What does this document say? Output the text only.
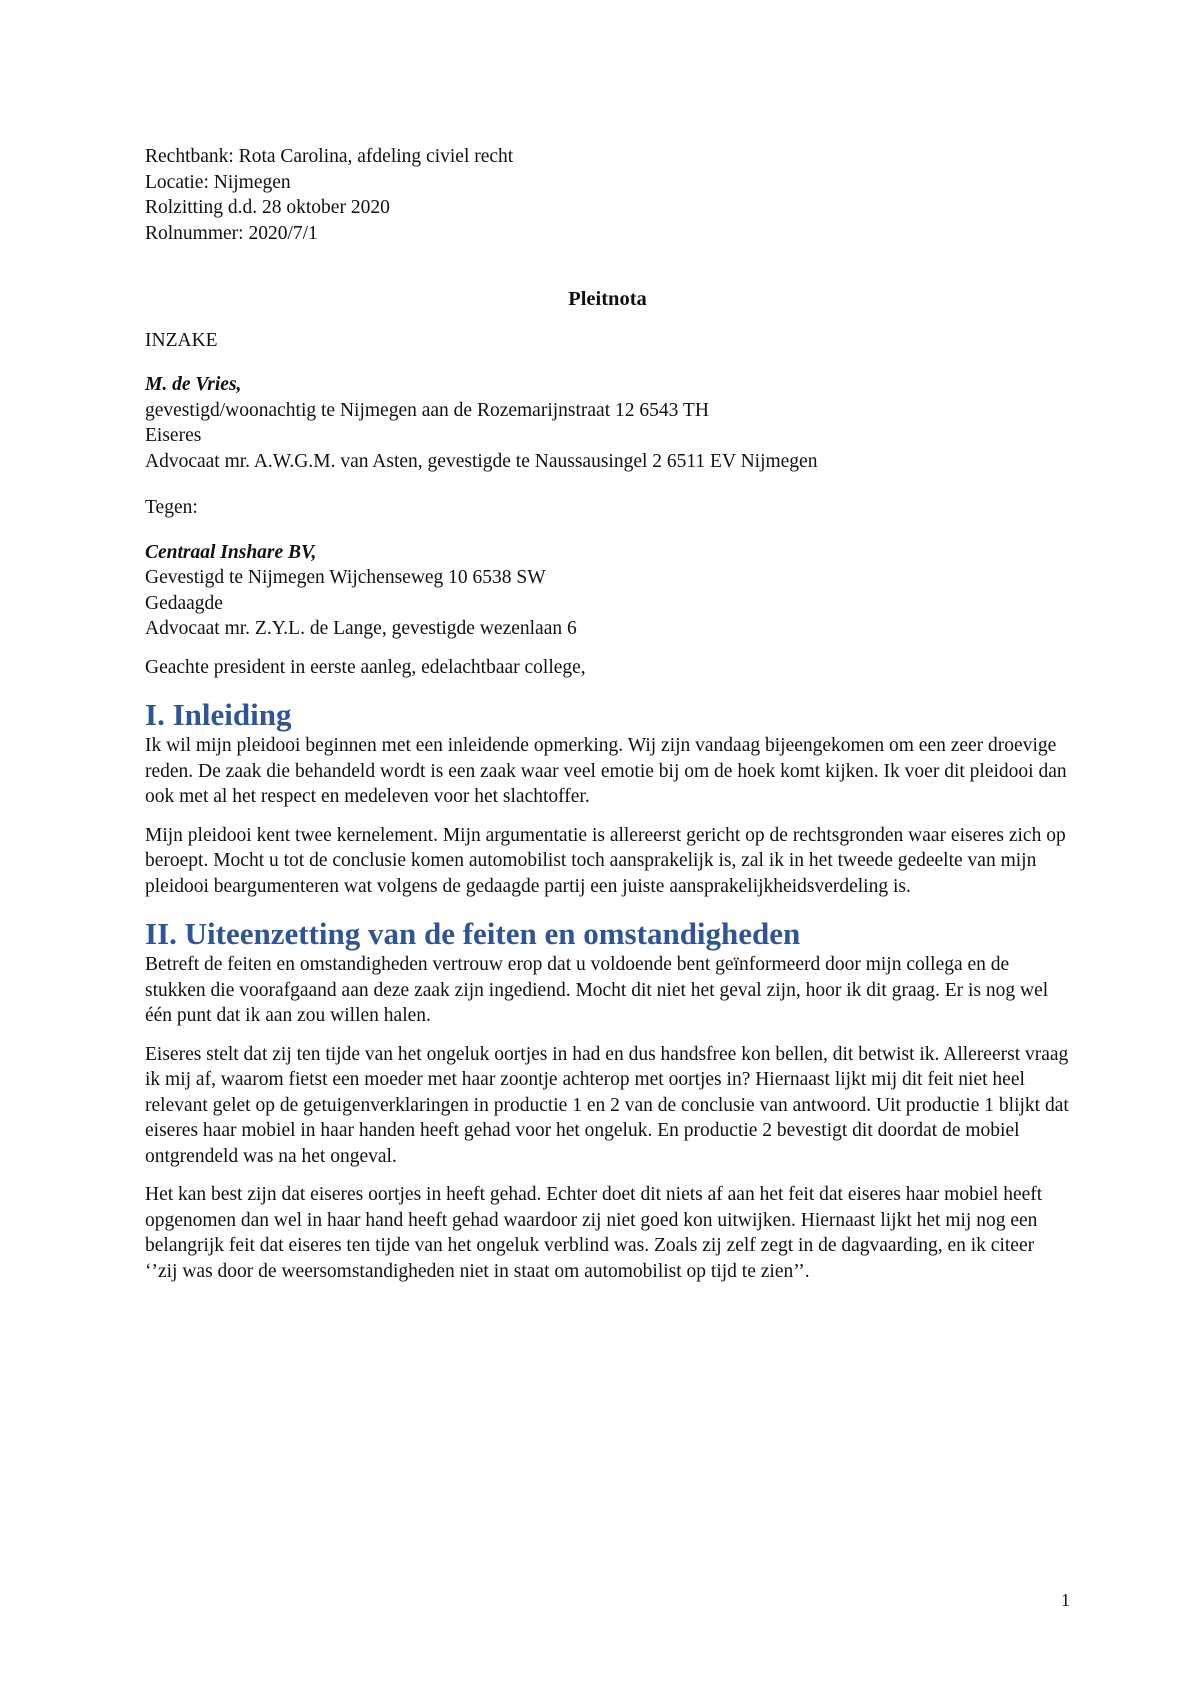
Rechtbank: Rota Carolina, afdeling civiel recht
Locatie: Nijmegen
Rolzitting d.d. 28 oktober 2020
Rolnummer: 2020/7/1
Pleitnota
INZAKE
M. de Vries,
gevestigd/woonachtig te Nijmegen aan de Rozemarijnstraat 12 6543 TH
Eiseres
Advocaat mr. A.W.G.M. van Asten, gevestigde te Naussausingel 2 6511 EV Nijmegen
Tegen:
Centraal Inshare BV,
Gevestigd te Nijmegen Wijchenseweg 10 6538 SW
Gedaagde
Advocaat mr. Z.Y.L. de Lange, gevestigde wezenlaan 6
Geachte president in eerste aanleg, edelachtbaar college,
I. Inleiding

Ik wil mijn pleidooi beginnen met een inleidende opmerking. Wij zijn vandaag bijeengekomen om een zeer droevige reden. De zaak die behandeld wordt is een zaak waar veel emotie bij om de hoek komt kijken. Ik voer dit pleidooi dan ook met al het respect en medeleven voor het slachtoffer.

Mijn pleidooi kent twee kernelement. Mijn argumentatie is allereerst gericht op de rechtsgronden waar eiseres zich op beroept. Mocht u tot de conclusie komen automobilist toch aansprakelijk is, zal ik in het tweede gedeelte van mijn pleidooi beargumenteren wat volgens de gedaagde partij een juiste aansprakelijkheidsverdeling is.

II. Uiteenzetting van de feiten en omstandigheden

Betreft de feiten en omstandigheden vertrouw erop dat u voldoende bent geïnformeerd door mijn collega en de stukken die voorafgaand aan deze zaak zijn ingediend. Mocht dit niet het geval zijn, hoor ik dit graag. Er is nog wel één punt dat ik aan zou willen halen.

Eiseres stelt dat zij ten tijde van het ongeluk oortjes in had en dus handsfree kon bellen, dit betwist ik. Allereerst vraag ik mij af, waarom fietst een moeder met haar zoontje achterop met oortjes in? Hiernaast lijkt mij dit feit niet heel relevant gelet op de getuigenverklaringen in productie 1 en 2 van de conclusie van antwoord. Uit productie 1 blijkt dat eiseres haar mobiel in haar handen heeft gehad voor het ongeluk. En productie 2 bevestigt dit doordat de mobiel ontgrendeld was na het ongeval.

Het kan best zijn dat eiseres oortjes in heeft gehad. Echter doet dit niets af aan het feit dat eiseres haar mobiel heeft opgenomen dan wel in haar hand heeft gehad waardoor zij niet goed kon uitwijken. Hiernaast lijkt het mij nog een belangrijk feit dat eiseres ten tijde van het ongeluk verblind was. Zoals zij zelf zegt in de dagvaarding, en ik citeer ‘’zij was door de weersomstandigheden niet in staat om automobilist op tijd te zien’’.

1
